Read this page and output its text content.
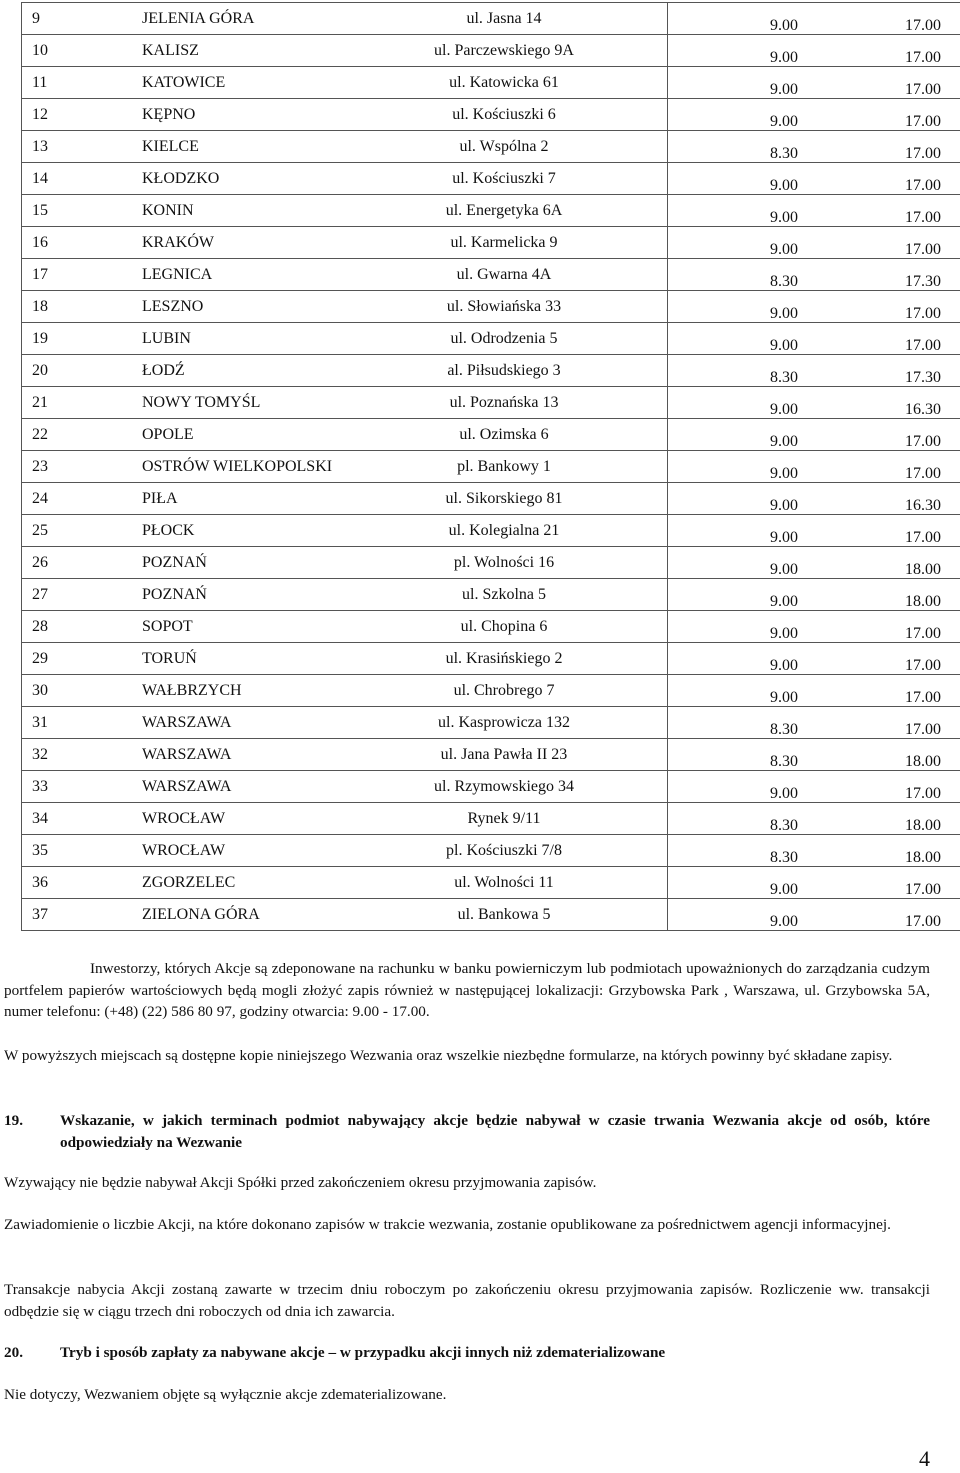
9 JELENIA GÓRA ul. Jasna 14	9.00 17.00

10 KALISZ ul. Parczewskiego 9A	9.00 17.00

11 KATOWICE ul. Katowicka 61	9.00 17.00

12 KĘPNO ul. Kościuszki 6	9.00 17.00

13 KIELCE ul. Wspólna 2	8.30 17.00

14 KŁODZKO ul. Kościuszki 7	9.00 17.00

15 KONIN ul. Energetyka 6A	9.00 17.00

16 KRAKÓW ul. Karmelicka 9	9.00 17.00

17 LEGNICA ul. Gwarna 4A	8.30 17.30

18 LESZNO ul. Słowiańska 33	9.00 17.00

19 LUBIN ul. Odrodzenia 5	9.00 17.00

20 ŁODŹ al. Piłsudskiego 3	8.30 17.30

21 NOWY TOMYŚL ul. Poznańska 13	9.00 16.30

22 OPOLE ul. Ozimska 6	9.00 17.00

23 OSTRÓW WIELKOPOLSKI pl. Bankowy 1	9.00 17.00

24 PIŁA ul. Sikorskiego 81	9.00 16.30

25 PŁOCK ul. Kolegialna 21	9.00 17.00

26 POZNAŃ pl. Wolności 16	9.00 18.00

27 POZNAŃ ul. Szkolna 5	9.00 18.00

28 SOPOT ul. Chopina 6	9.00 17.00

29 TORUŃ ul. Krasińskiego 2	9.00 17.00

30 WAŁBRZYCH ul. Chrobrego 7	9.00 17.00

31 WARSZAWA ul. Kasprowicza 132	8.30 17.00

32 WARSZAWA ul. Jana Pawła II 23	8.30 18.00

33 WARSZAWA ul. Rzymowskiego 34	9.00 17.00

34 WROCŁAW Rynek 9/11	8.30 18.00

35 WROCŁAW pl. Kościuszki 7/8	8.30 18.00

36 ZGORZELEC ul. Wolności 11	9.00 17.00

37 ZIELONA GÓRA ul. Bankowa 5	9.00 17.00
Inwestorzy, których Akcje są zdeponowane na rachunku w banku powierniczym lub podmiotach upoważnionych do zarządzania cudzym portfelem papierów wartościowych będą mogli złożyć zapis również w następującej lokalizacji: Grzybowska Park , Warszawa, ul. Grzybowska 5A, numer telefonu: (+48) (22) 586 80 97, godziny otwarcia: 9.00 - 17.00.
W powyższych miejscach są dostępne kopie niniejszego Wezwania oraz wszelkie niezbędne formularze, na których powinny być składane zapisy.
19.	Wskazanie, w jakich terminach podmiot nabywający akcje będzie nabywał w czasie trwania Wezwania akcje od osób, które odpowiedziały na Wezwanie
Wzywający nie będzie nabywał Akcji Spółki przed zakończeniem okresu przyjmowania zapisów.
Zawiadomienie o liczbie Akcji, na które dokonano zapisów w trakcie wezwania, zostanie opublikowane za pośrednictwem agencji informacyjnej.
Transakcje nabycia Akcji zostaną zawarte w trzecim dniu roboczym po zakończeniu okresu przyjmowania zapisów. Rozliczenie ww. transakcji odbędzie się w ciągu trzech dni roboczych od dnia ich zawarcia.
20.	Tryb i sposób zapłaty za nabywane akcje – w przypadku akcji innych niż zdematerializowane
Nie dotyczy, Wezwaniem objęte są wyłącznie akcje zdematerializowane.
4
